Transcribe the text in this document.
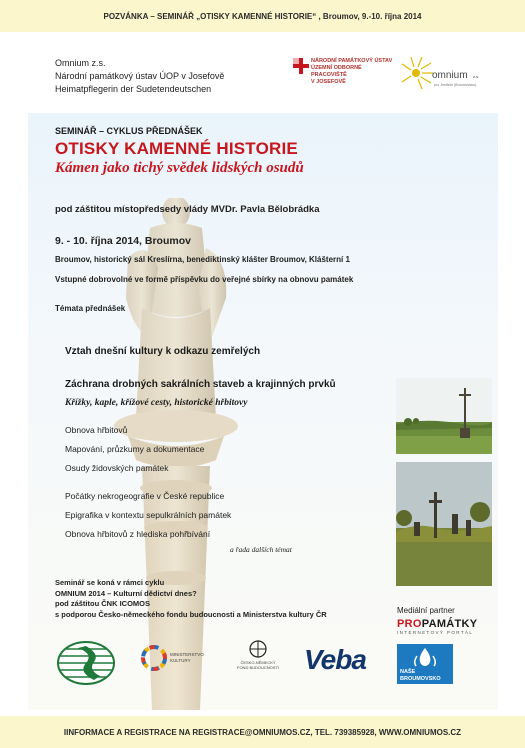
POZVÁNKA – SEMINÁŘ „OTISKY KAMENNÉ HISTORIE“ , Broumov, 9.-10. října 2014
Omnium z.s.
Národní památkový ústav ÚOP v Josefově
Heimatpflegerin der Sudetendeutschen
NÁRODNÍ PAMÁTKOVÝ ÚSTAV
ÚZEMNÍ ODBORNÉ PRACOVIŠTĚ
V JOSEFOVĚ
omnium z.s.
pro Jestřebí (Broumovsko)
SEMINÁŘ – CYKLUS PŘEDNÁŠEK
OTISKY KAMENNÉ HISTORIE
Kámen jako tichý svědek lidských osudů
pod záštitou místopředsedy vlády MVDr. Pavla Bělobrádka
9. - 10. října 2014, Broumov
Broumov, historický sál Kreslírna, benediktinský klášter Broumov, Klášterní 1
Vstupné dobrovolné ve formě příspěvku do veřejné sbírky na obnovu památek
Témata přednášek
Vztah dnešní kultury k odkazu zemřelých
Záchrana drobných sakrálních staveb a krajinných prvků
Křížky, kaple, křížové cesty, historické hřbitovy
Obnova hřbitovů
Mapování, průzkumy a dokumentace
Osudy židovských památek
Počátky nekrogeografie v České republice
Epigrafika v kontextu sepulkrálních památek
Obnova hřbitovů z hlediska pohřbívání
a řada dalších témat
Seminář se koná v rámci cyklu
OMNIUM 2014 – Kulturní dědictví dnes?
pod záštitou ČNK ICOMOS
s podporou Česko-německého fondu budoucnosti a Ministerstva kultury ČR	Mediální partner
PROPAMÁTKY
INTERNETOVÝ PORTÁL
NAŠE
BROUMOVSKO
MINISTERSTVO KULTURY	ČESKO-NĚMECKÝ
FOND BUDOUCNOSTI Veba
IINFORMACE A REGISTRACE NA REGISTRACE@OMNIUMOS.CZ, TEL. 739385928, WWW.OMNIUMOS.CZ
